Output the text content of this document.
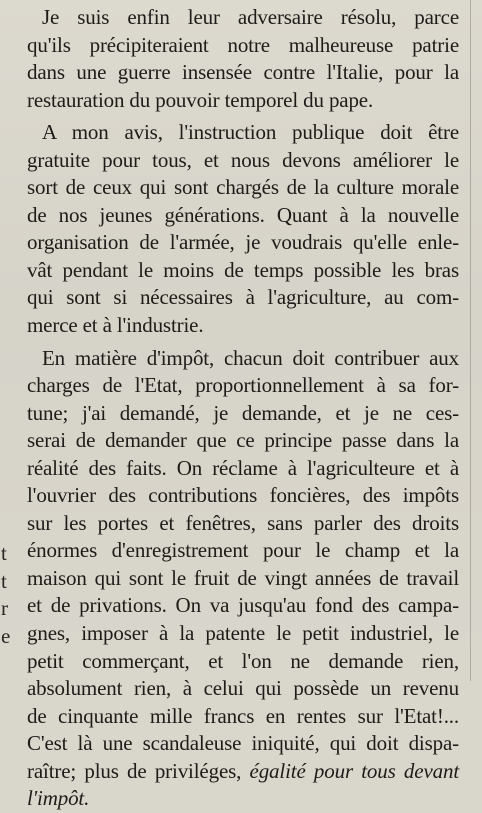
t
t
r
e
Je suis enfin leur adversaire résolu, parce
qu'ils précipiteraient notre malheureuse patrie
dans une guerre insensée contre l'Italie, pour la
restauration du pouvoir temporel du pape.
A mon avis, l'instruction publique doit être
gratuite pour tous, et nous devons améliorer le
sort de ceux qui sont chargés de la culture morale
de nos jeunes générations. Quant à la nouvelle
organisation de l'armée, je voudrais qu'elle enle-
vât pendant le moins de temps possible les bras
qui sont si nécessaires à l'agriculture, au com-
merce et à l'industrie.
En matière d'impôt, chacun doit contribuer aux
charges de l'Etat, proportionnellement à sa for-
tune; j'ai demandé, je demande, et je ne ces-
serai de demander que ce principe passe dans la
réalité des faits. On réclame à l'agriculteure et à
l'ouvrier des contributions foncières, des impôts
sur les portes et fenêtres, sans parler des droits
énormes d'enregistrement pour le champ et la
maison qui sont le fruit de vingt années de travail
et de privations. On va jusqu'au fond des campa-
gnes, imposer à la patente le petit industriel, le
petit commerçant, et l'on ne demande rien,
absolument rien, à celui qui possède un revenu
de cinquante mille francs en rentes sur l'Etat!...
C'est là une scandaleuse iniquité, qui doit dispa-
raître; plus de priviléges, égalité pour tous devant
l'impôt.
